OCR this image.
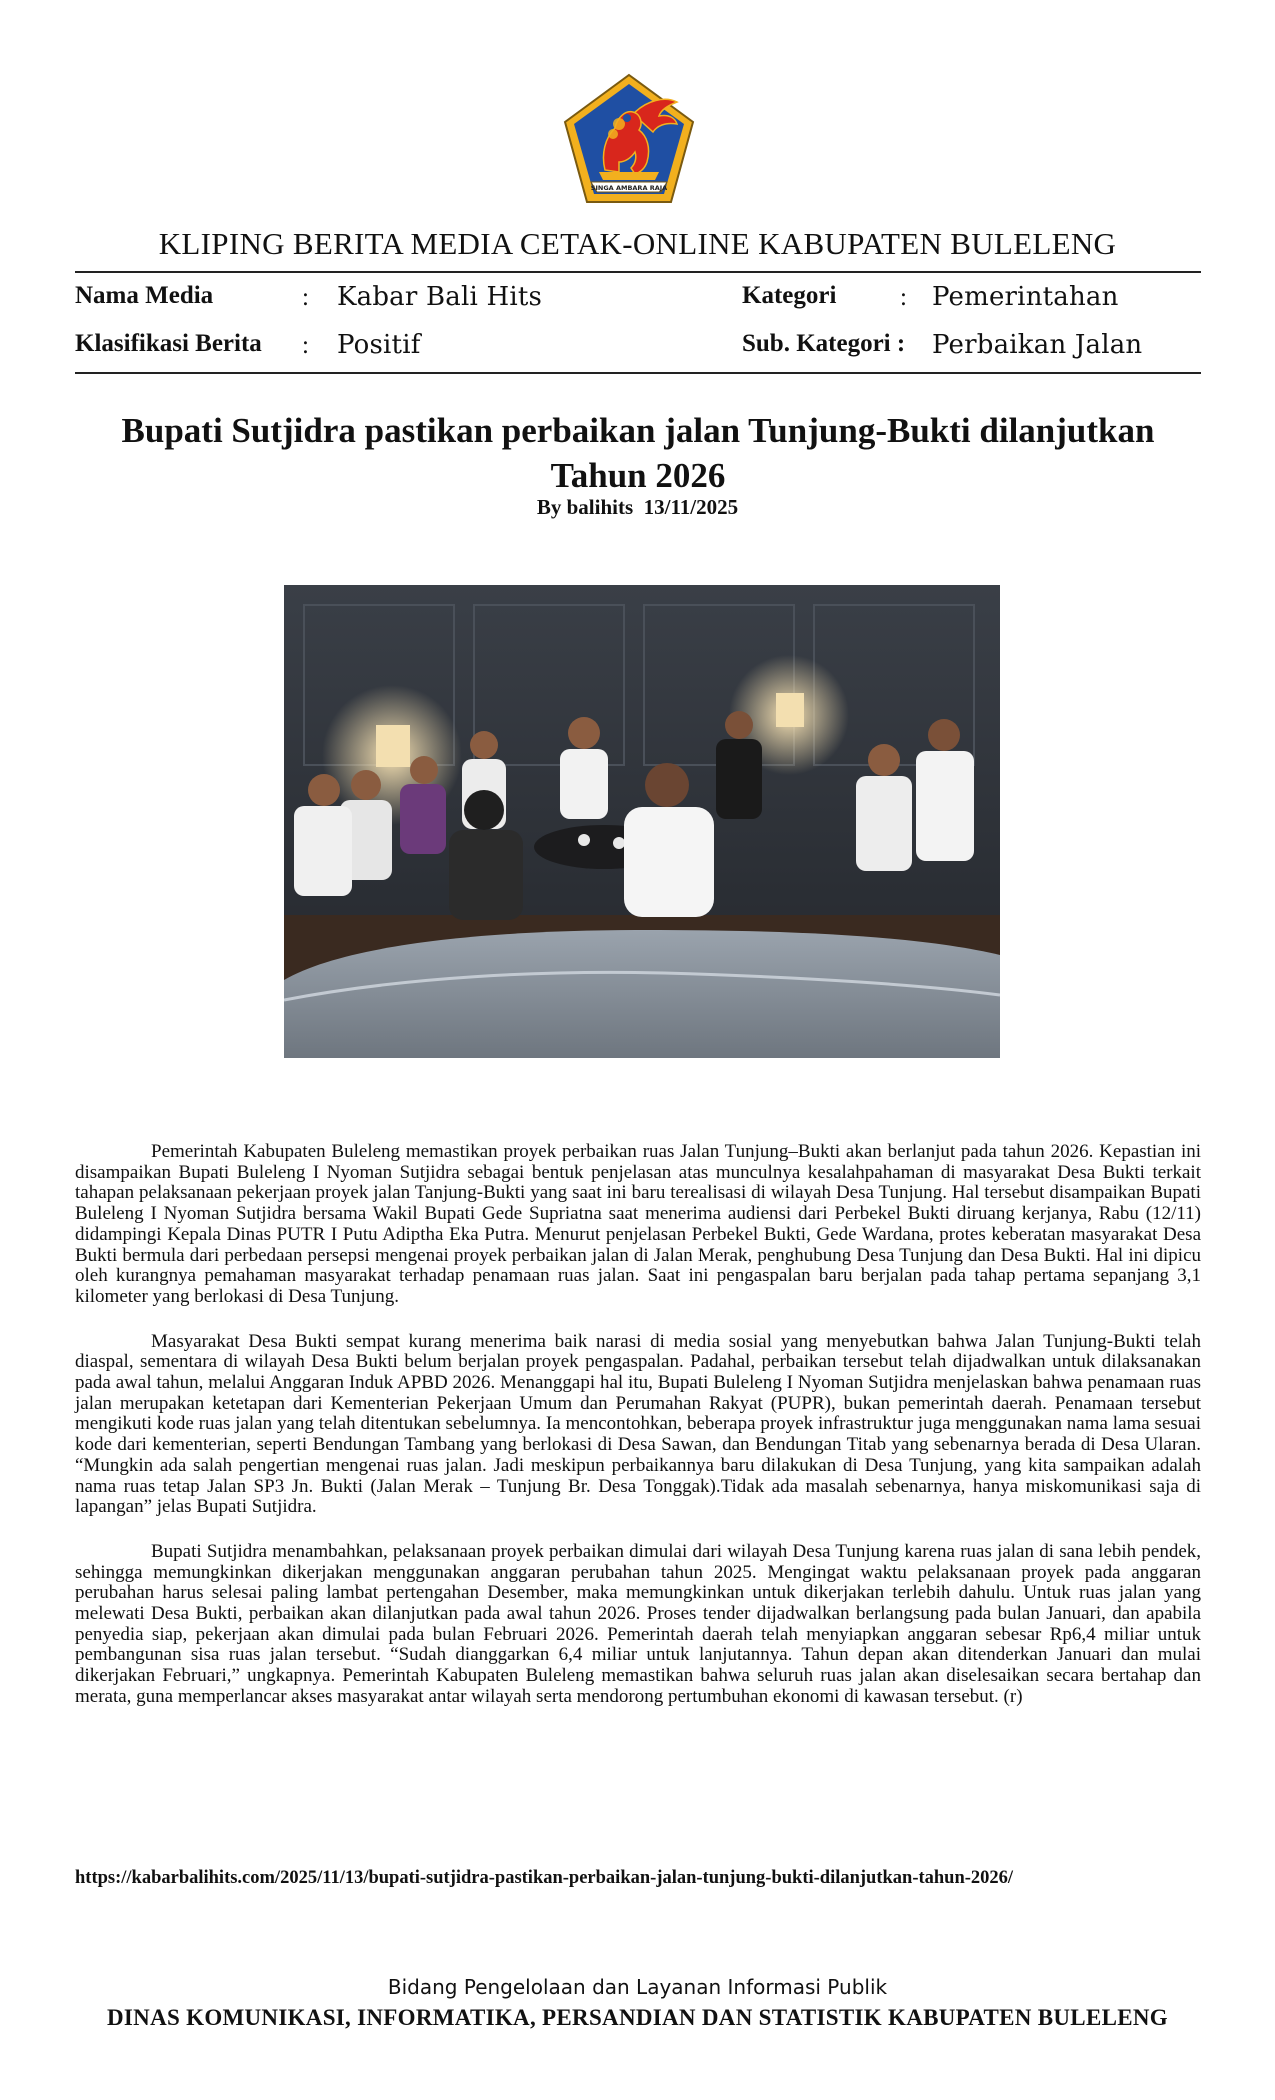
SINGA AMBARA RAJA
KLIPING BERITA MEDIA CETAK-ONLINE KABUPATEN BULELENG
Nama Media	: Kabar Bali Hits	Kategori	: Pemerintahan
Klasifikasi Berita : Positif	Sub. Kategori : Perbaikan Jalan
Bupati Sutjidra pastikan perbaikan jalan Tunjung-Bukti dilanjutkan Tahun 2026
By balihits  13/11/2025

Pemerintah Kabupaten Buleleng memastikan proyek perbaikan ruas Jalan Tunjung–Bukti akan berlanjut pada tahun 2026. Kepastian ini disampaikan Bupati Buleleng I Nyoman Sutjidra sebagai bentuk penjelasan atas munculnya kesalahpahaman di masyarakat Desa Bukti terkait tahapan pelaksanaan pekerjaan proyek jalan Tanjung-Bukti yang saat ini baru terealisasi di wilayah Desa Tunjung. Hal tersebut disampaikan Bupati Buleleng I Nyoman Sutjidra bersama Wakil Bupati Gede Supriatna saat menerima audiensi dari Perbekel Bukti diruang kerjanya, Rabu (12/11) didampingi Kepala Dinas PUTR I Putu Adiptha Eka Putra. Menurut penjelasan Perbekel Bukti, Gede Wardana, protes keberatan masyarakat Desa Bukti bermula dari perbedaan persepsi mengenai proyek perbaikan jalan di Jalan Merak, penghubung Desa Tunjung dan Desa Bukti. Hal ini dipicu oleh kurangnya pemahaman masyarakat terhadap penamaan ruas jalan. Saat ini pengaspalan baru berjalan pada tahap pertama sepanjang 3,1 kilometer yang berlokasi di Desa Tunjung.

Masyarakat Desa Bukti sempat kurang menerima baik narasi di media sosial yang menyebutkan bahwa Jalan Tunjung-Bukti telah diaspal, sementara di wilayah Desa Bukti belum berjalan proyek pengaspalan. Padahal, perbaikan tersebut telah dijadwalkan untuk dilaksanakan pada awal tahun, melalui Anggaran Induk APBD 2026. Menanggapi hal itu, Bupati Buleleng I Nyoman Sutjidra menjelaskan bahwa penamaan ruas jalan merupakan ketetapan dari Kementerian Pekerjaan Umum dan Perumahan Rakyat (PUPR), bukan pemerintah daerah. Penamaan tersebut mengikuti kode ruas jalan yang telah ditentukan sebelumnya. Ia mencontohkan, beberapa proyek infrastruktur juga menggunakan nama lama sesuai kode dari kementerian, seperti Bendungan Tambang yang berlokasi di Desa Sawan, dan Bendungan Titab yang sebenarnya berada di Desa Ularan. “Mungkin ada salah pengertian mengenai ruas jalan. Jadi meskipun perbaikannya baru dilakukan di Desa Tunjung, yang kita sampaikan adalah nama ruas tetap Jalan SP3 Jn. Bukti (Jalan Merak – Tunjung Br. Desa Tonggak).Tidak ada masalah sebenarnya, hanya miskomunikasi saja di lapangan” jelas Bupati Sutjidra.

Bupati Sutjidra menambahkan, pelaksanaan proyek perbaikan dimulai dari wilayah Desa Tunjung karena ruas jalan di sana lebih pendek, sehingga memungkinkan dikerjakan menggunakan anggaran perubahan tahun 2025. Mengingat waktu pelaksanaan proyek pada anggaran perubahan harus selesai paling lambat pertengahan Desember, maka memungkinkan untuk dikerjakan terlebih dahulu. Untuk ruas jalan yang melewati Desa Bukti, perbaikan akan dilanjutkan pada awal tahun 2026. Proses tender dijadwalkan berlangsung pada bulan Januari, dan apabila penyedia siap, pekerjaan akan dimulai pada bulan Februari 2026. Pemerintah daerah telah menyiapkan anggaran sebesar Rp6,4 miliar untuk pembangunan sisa ruas jalan tersebut. “Sudah dianggarkan 6,4 miliar untuk lanjutannya. Tahun depan akan ditenderkan Januari dan mulai dikerjakan Februari,” ungkapnya. Pemerintah Kabupaten Buleleng memastikan bahwa seluruh ruas jalan akan diselesaikan secara bertahap dan merata, guna memperlancar akses masyarakat antar wilayah serta mendorong pertumbuhan ekonomi di kawasan tersebut. (r)

https://kabarbalihits.com/2025/11/13/bupati-sutjidra-pastikan-perbaikan-jalan-tunjung-bukti-dilanjutkan-tahun-2026/
Bidang Pengelolaan dan Layanan Informasi Publik
DINAS KOMUNIKASI, INFORMATIKA, PERSANDIAN DAN STATISTIK KABUPATEN BULELENG
